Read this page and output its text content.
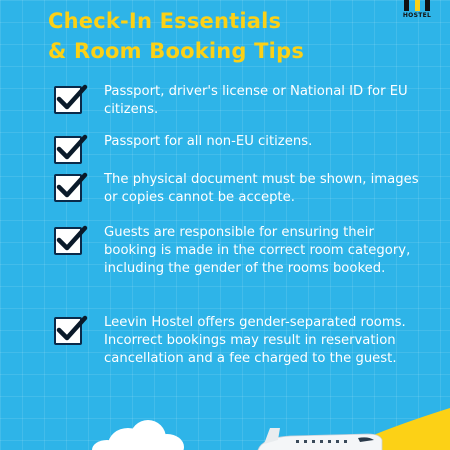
Check-In Essentials
& Room Booking Tips
HOSTEL
Passport, driver's license or National ID for EU citizens.
Passport for all non-EU citizens.
The physical document must be shown, images or copies cannot be accepte.
Guests are responsible for ensuring their booking is made in the correct room category, including the gender of the rooms booked.
Leevin Hostel offers gender-separated rooms. Incorrect bookings may result in reservation cancellation and a fee charged to the guest.
